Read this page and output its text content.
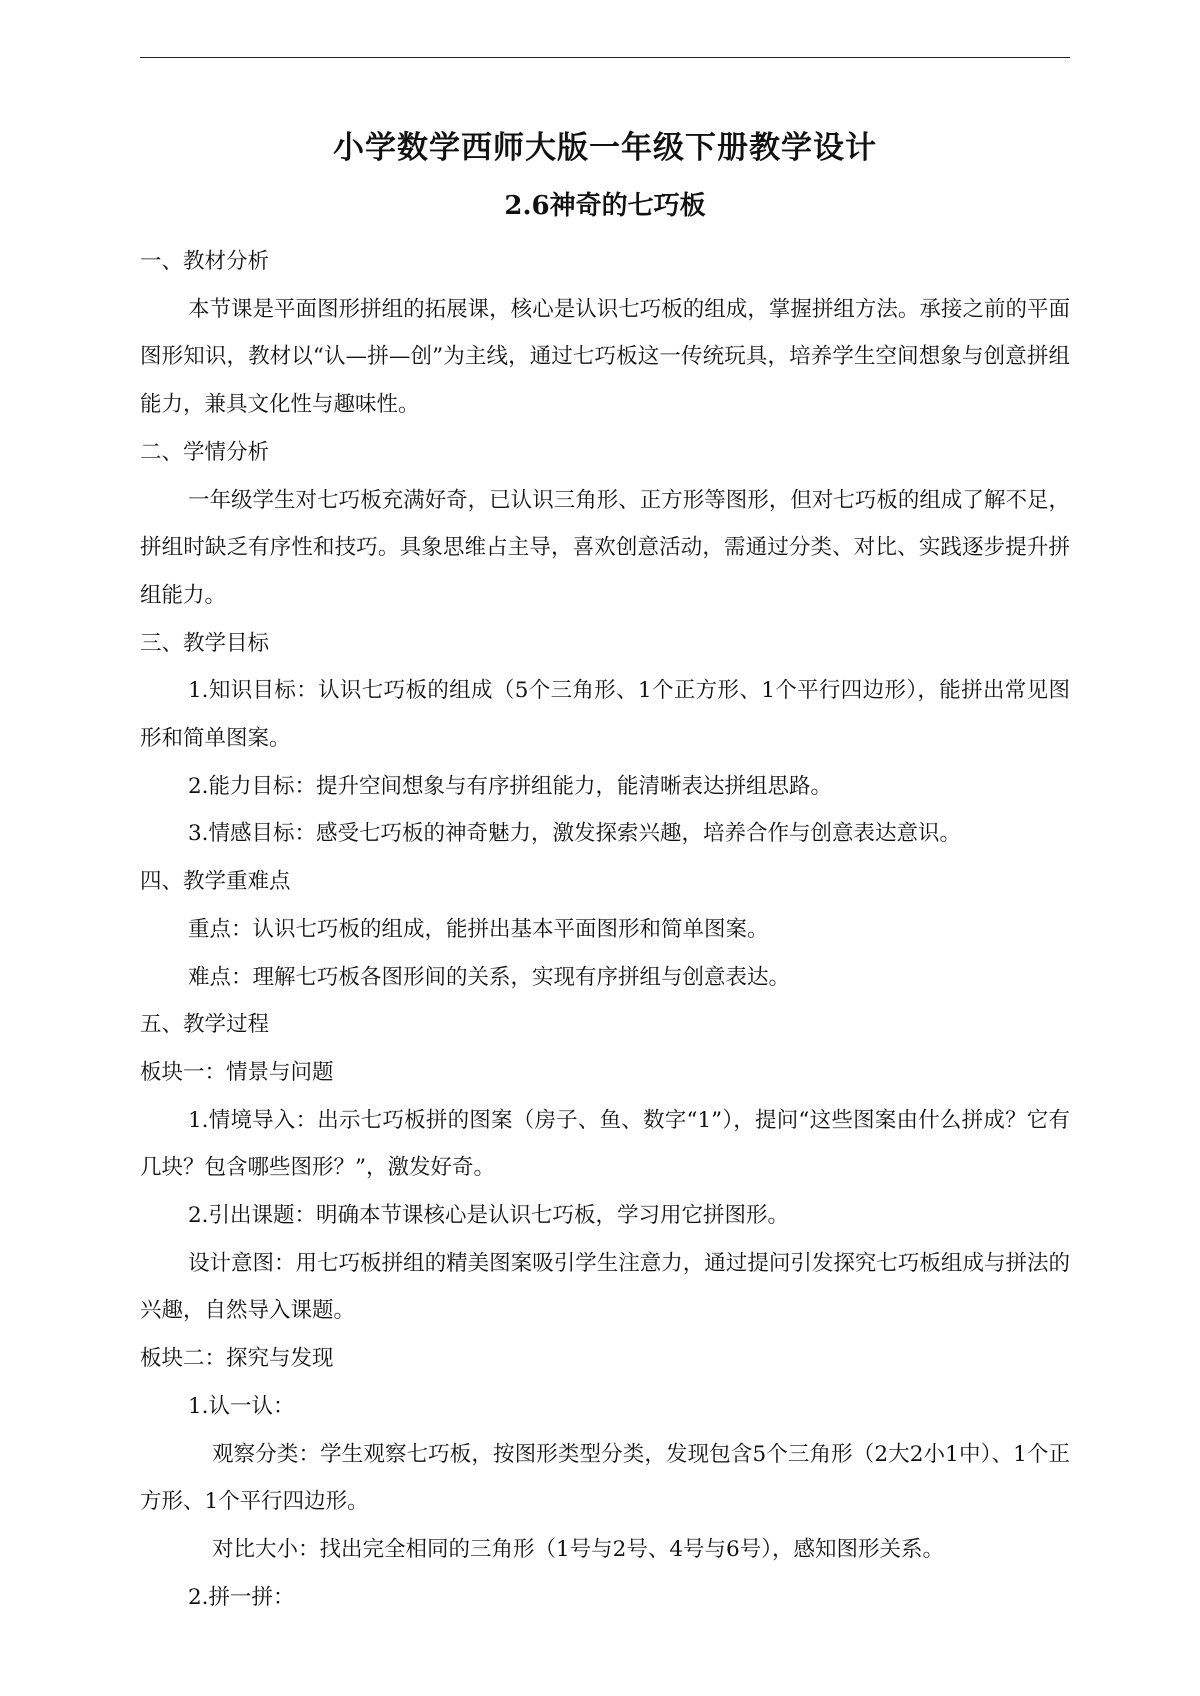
小学数学西师大版一年级下册教学设计
2.6神奇的七巧板

一、教材分析

本节课是平面图形拼组的拓展课，核心是认识七巧板的组成，掌握拼组方法。承接之前的平面图形知识，教材以“认—拼—创”为主线，通过七巧板这一传统玩具，培养学生空间想象与创意拼组能力，兼具文化性与趣味性。

二、学情分析

一年级学生对七巧板充满好奇，已认识三角形、正方形等图形，但对七巧板的组成了解不足，拼组时缺乏有序性和技巧。具象思维占主导，喜欢创意活动，需通过分类、对比、实践逐步提升拼组能力。

三、教学目标

1.知识目标：认识七巧板的组成（5个三角形、1个正方形、1个平行四边形），能拼出常见图形和简单图案。

2.能力目标：提升空间想象与有序拼组能力，能清晰表达拼组思路。

3.情感目标：感受七巧板的神奇魅力，激发探索兴趣，培养合作与创意表达意识。

四、教学重难点

重点：认识七巧板的组成，能拼出基本平面图形和简单图案。

难点：理解七巧板各图形间的关系，实现有序拼组与创意表达。

五、教学过程

板块一：情景与问题

1.情境导入：出示七巧板拼的图案（房子、鱼、数字“1”），提问“这些图案由什么拼成？它有几块？包含哪些图形？”，激发好奇。

2.引出课题：明确本节课核心是认识七巧板，学习用它拼图形。

设计意图：用七巧板拼组的精美图案吸引学生注意力，通过提问引发探究七巧板组成与拼法的兴趣，自然导入课题。

板块二：探究与发现

1.认一认：

观察分类：学生观察七巧板，按图形类型分类，发现包含5个三角形（2大2小1中）、1个正方形、1个平行四边形。

对比大小：找出完全相同的三角形（1号与2号、4号与6号），感知图形关系。

2.拼一拼：
